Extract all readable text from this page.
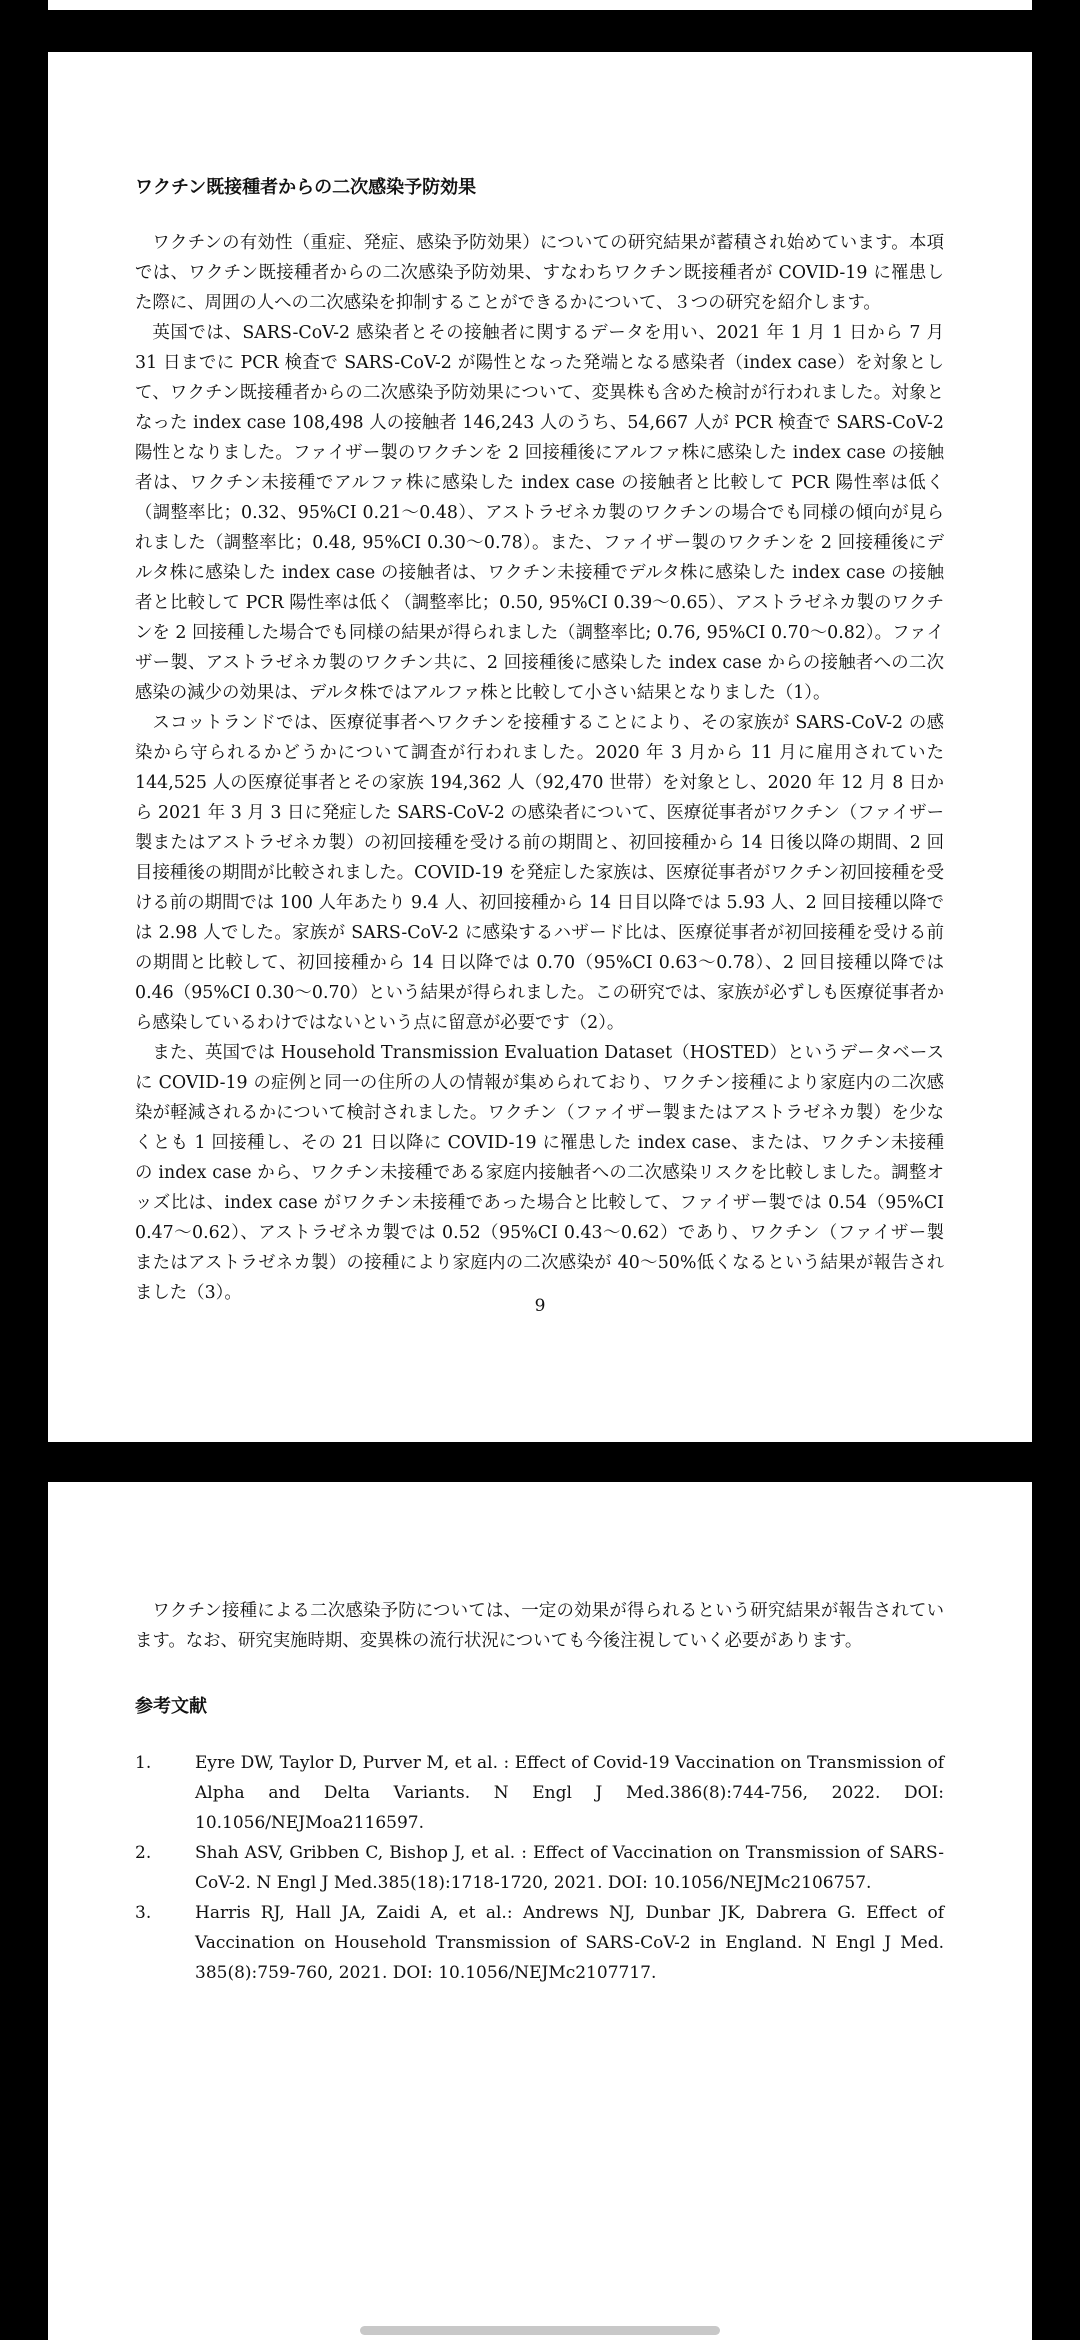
ワクチン既接種者からの二次感染予防効果

ワクチンの有効性（重症、発症、感染予防効果）についての研究結果が蓄積され始めています。本項では、ワクチン既接種者からの二次感染予防効果、すなわちワクチン既接種者が COVID-19 に罹患した際に、周囲の人への二次感染を抑制することができるかについて、３つの研究を紹介します。

英国では、SARS-CoV-2 感染者とその接触者に関するデータを用い、2021 年 1 月 1 日から 7 月 31 日までに PCR 検査で SARS-CoV-2 が陽性となった発端となる感染者（index case）を対象として、ワクチン既接種者からの二次感染予防効果について、変異株も含めた検討が行われました。対象となった index case 108,498 人の接触者 146,243 人のうち、54,667 人が PCR 検査で SARS-CoV-2 陽性となりました。ファイザー製のワクチンを 2 回接種後にアルファ株に感染した index case の接触者は、ワクチン未接種でアルファ株に感染した index case の接触者と比較して PCR 陽性率は低く（調整率比；0.32、95%CI 0.21〜0.48）、アストラゼネカ製のワクチンの場合でも同様の傾向が見られました（調整率比；0.48, 95%CI 0.30〜0.78）。また、ファイザー製のワクチンを 2 回接種後にデルタ株に感染した index case の接触者は、ワクチン未接種でデルタ株に感染した index case の接触者と比較して PCR 陽性率は低く（調整率比；0.50, 95%CI 0.39〜0.65）、アストラゼネカ製のワクチンを 2 回接種した場合でも同様の結果が得られました（調整率比; 0.76, 95%CI 0.70〜0.82）。ファイザー製、アストラゼネカ製のワクチン共に、2 回接種後に感染した index case からの接触者への二次感染の減少の効果は、デルタ株ではアルファ株と比較して小さい結果となりました（1）。

スコットランドでは、医療従事者へワクチンを接種することにより、その家族が SARS-CoV-2 の感染から守られるかどうかについて調査が行われました。2020 年 3 月から 11 月に雇用されていた 144,525 人の医療従事者とその家族 194,362 人（92,470 世帯）を対象とし、2020 年 12 月 8 日から 2021 年 3 月 3 日に発症した SARS-CoV-2 の感染者について、医療従事者がワクチン（ファイザー製またはアストラゼネカ製）の初回接種を受ける前の期間と、初回接種から 14 日後以降の期間、2 回目接種後の期間が比較されました。COVID-19 を発症した家族は、医療従事者がワクチン初回接種を受ける前の期間では 100 人年あたり 9.4 人、初回接種から 14 日目以降では 5.93 人、2 回目接種以降では 2.98 人でした。家族が SARS-CoV-2 に感染するハザード比は、医療従事者が初回接種を受ける前の期間と比較して、初回接種から 14 日以降では 0.70（95%CI 0.63〜0.78）、2 回目接種以降では 0.46（95%CI 0.30〜0.70）という結果が得られました。この研究では、家族が必ずしも医療従事者から感染しているわけではないという点に留意が必要です（2）。

また、英国では Household Transmission Evaluation Dataset（HOSTED）というデータベースに COVID-19 の症例と同一の住所の人の情報が集められており、ワクチン接種により家庭内の二次感染が軽減されるかについて検討されました。ワクチン（ファイザー製またはアストラゼネカ製）を少なくとも 1 回接種し、その 21 日以降に COVID-19 に罹患した index case、または、ワクチン未接種の index case から、ワクチン未接種である家庭内接触者への二次感染リスクを比較しました。調整オッズ比は、index case がワクチン未接種であった場合と比較して、ファイザー製では 0.54（95%CI 0.47〜0.62）、アストラゼネカ製では 0.52（95%CI 0.43〜0.62）であり、ワクチン（ファイザー製またはアストラゼネカ製）の接種により家庭内の二次感染が 40〜50%低くなるという結果が報告されました（3）。

9

ワクチン接種による二次感染予防については、一定の効果が得られるという研究結果が報告されています。なお、研究実施時期、変異株の流行状況についても今後注視していく必要があります。

参考文献
1.	Eyre DW, Taylor D, Purver M, et al. : Effect of Covid-19 Vaccination on Transmission of Alpha and Delta Variants. N Engl J Med.386(8):744-756, 2022. DOI: 10.1056/NEJMoa2116597.
2.	Shah ASV, Gribben C, Bishop J, et al. : Effect of Vaccination on Transmission of SARS-CoV-2. N Engl J Med.385(18):1718-1720, 2021. DOI: 10.1056/NEJMc2106757.
3.	Harris RJ, Hall JA, Zaidi A, et al.: Andrews NJ, Dunbar JK, Dabrera G. Effect of Vaccination on Household Transmission of SARS-CoV-2 in England. N Engl J Med. 385(8):759-760, 2021. DOI: 10.1056/NEJMc2107717.
